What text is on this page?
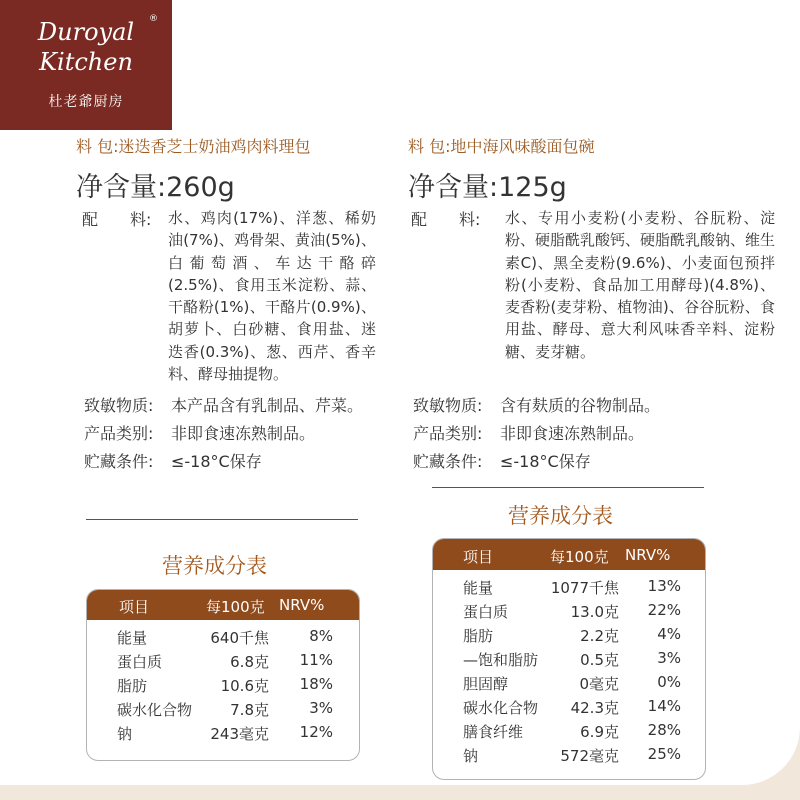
®
Duroyal
Kitchen
杜老爺厨房
料 包:迷迭香芝士奶油鸡肉料理包
净含量:260g
配　　料: 水、鸡肉(17%)、洋葱、稀奶油(7%)、鸡骨架、黄油(5%)、白葡萄酒、车达干酪碎(2.5%)、食用玉米淀粉、蒜、干酪粉(1%)、干酪片(0.9%)、胡萝卜、白砂糖、食用盐、迷迭香(0.3%)、葱、西芹、香辛料、酵母抽提物。
致敏物质: 本产品含有乳制品、芹菜。
产品类别: 非即食速冻熟制品。
贮藏条件: ≤-18°C保存
营养成分表
项目	每100克 NRV%
能量	640千焦	8%
蛋白质	6.8克 11%
脂肪	10.6克 18%
碳水化合物	7.8克	3%
钠	243毫克 12%
料 包:地中海风味酸面包碗
净含量:125g
配　　料: 水、专用小麦粉(小麦粉、谷朊粉、淀粉、硬脂酰乳酸钙、硬脂酰乳酸钠、维生素C)、黑全麦粉(9.6%)、小麦面包预拌粉(小麦粉、食品加工用酵母)(4.8%)、麦香粉(麦芽粉、植物油)、谷谷朊粉、食用盐、酵母、意大利风味香辛料、淀粉糖、麦芽糖。
致敏物质: 含有麸质的谷物制品。
产品类别: 非即食速冻熟制品。
贮藏条件: ≤-18°C保存
营养成分表
项目	每100克 NRV%
能量	1077千焦 13%
蛋白质	13.0克 22%
脂肪	2.2克	4%
—饱和脂肪	0.5克	3%
胆固醇	0毫克	0%
碳水化合物 42.3克 14%
膳食纤维	6.9克 28%
钠	572毫克 25%
